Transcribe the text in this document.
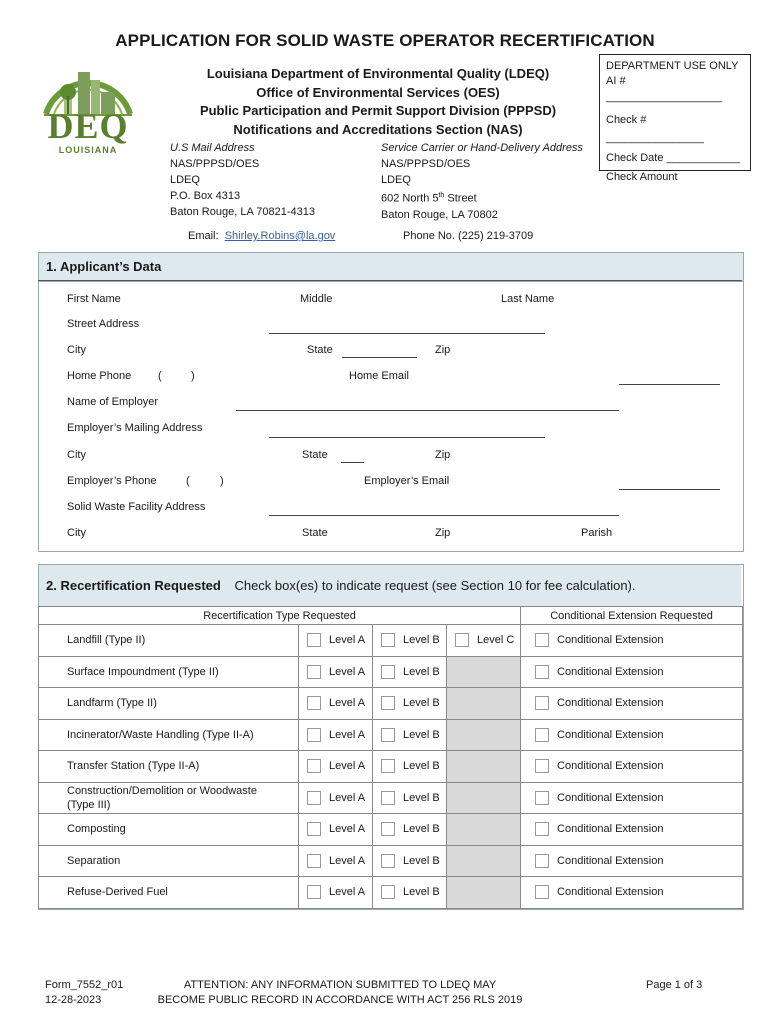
APPLICATION FOR SOLID WASTE OPERATOR RECERTIFICATION
DEQ
LOUISIANA
Louisiana Department of Environmental Quality (LDEQ)
Office of Environmental Services (OES)
Public Participation and Permit Support Division (PPPSD)
Notifications and Accreditations Section (NAS)
U.S Mail Address
NAS/PPPSD/OES
LDEQ
P.O. Box 4313
Baton Rouge, LA 70821-4313
Service Carrier or Hand-Delivery Address
NAS/PPPSD/OES
LDEQ
602 North 5th Street
Baton Rouge, LA 70802
Email: Shirley.Robins@la.gov	Phone No. (225) 219-3709
DEPARTMENT USE ONLY
AI # ___________________
Check #
________________
Check Date ____________
Check Amount
1. Applicant’s Data
First Name	Middle	Last Name
Street Address
City	State	Zip
Home Phone (	)	Home Email
Name of Employer
Employer’s Mailing Address
City	State	Zip
Employer’s Phone	(	)	Employer’s Email
Solid Waste Facility Address
City	State	Zip	Parish
2. Recertification Requested Check box(es) to indicate request (see Section 10 for fee calculation).
Recertification Type Requested				Conditional Extension Requested

Landfill (Type II)	Level A	Level B	Level C	Conditional Extension

Surface Impoundment (Type II)	Level A	Level B		Conditional Extension

Landfarm (Type II)	Level A	Level B		Conditional Extension

Incinerator/Waste Handling (Type II-A)	Level A	Level B		Conditional Extension

Transfer Station (Type II-A)	Level A	Level B		Conditional Extension

Construction/Demolition or Woodwaste
(Type III)	Level A	Level B		Conditional Extension

Composting	Level A	Level B		Conditional Extension

Separation	Level A	Level B		Conditional Extension

Refuse-Derived Fuel	Level A	Level B		Conditional Extension
Form_7552_r01
12-28-2023
ATTENTION: ANY INFORMATION SUBMITTED TO LDEQ MAY
BECOME PUBLIC RECORD IN ACCORDANCE WITH ACT 256 RLS 2019
Page 1 of 3
